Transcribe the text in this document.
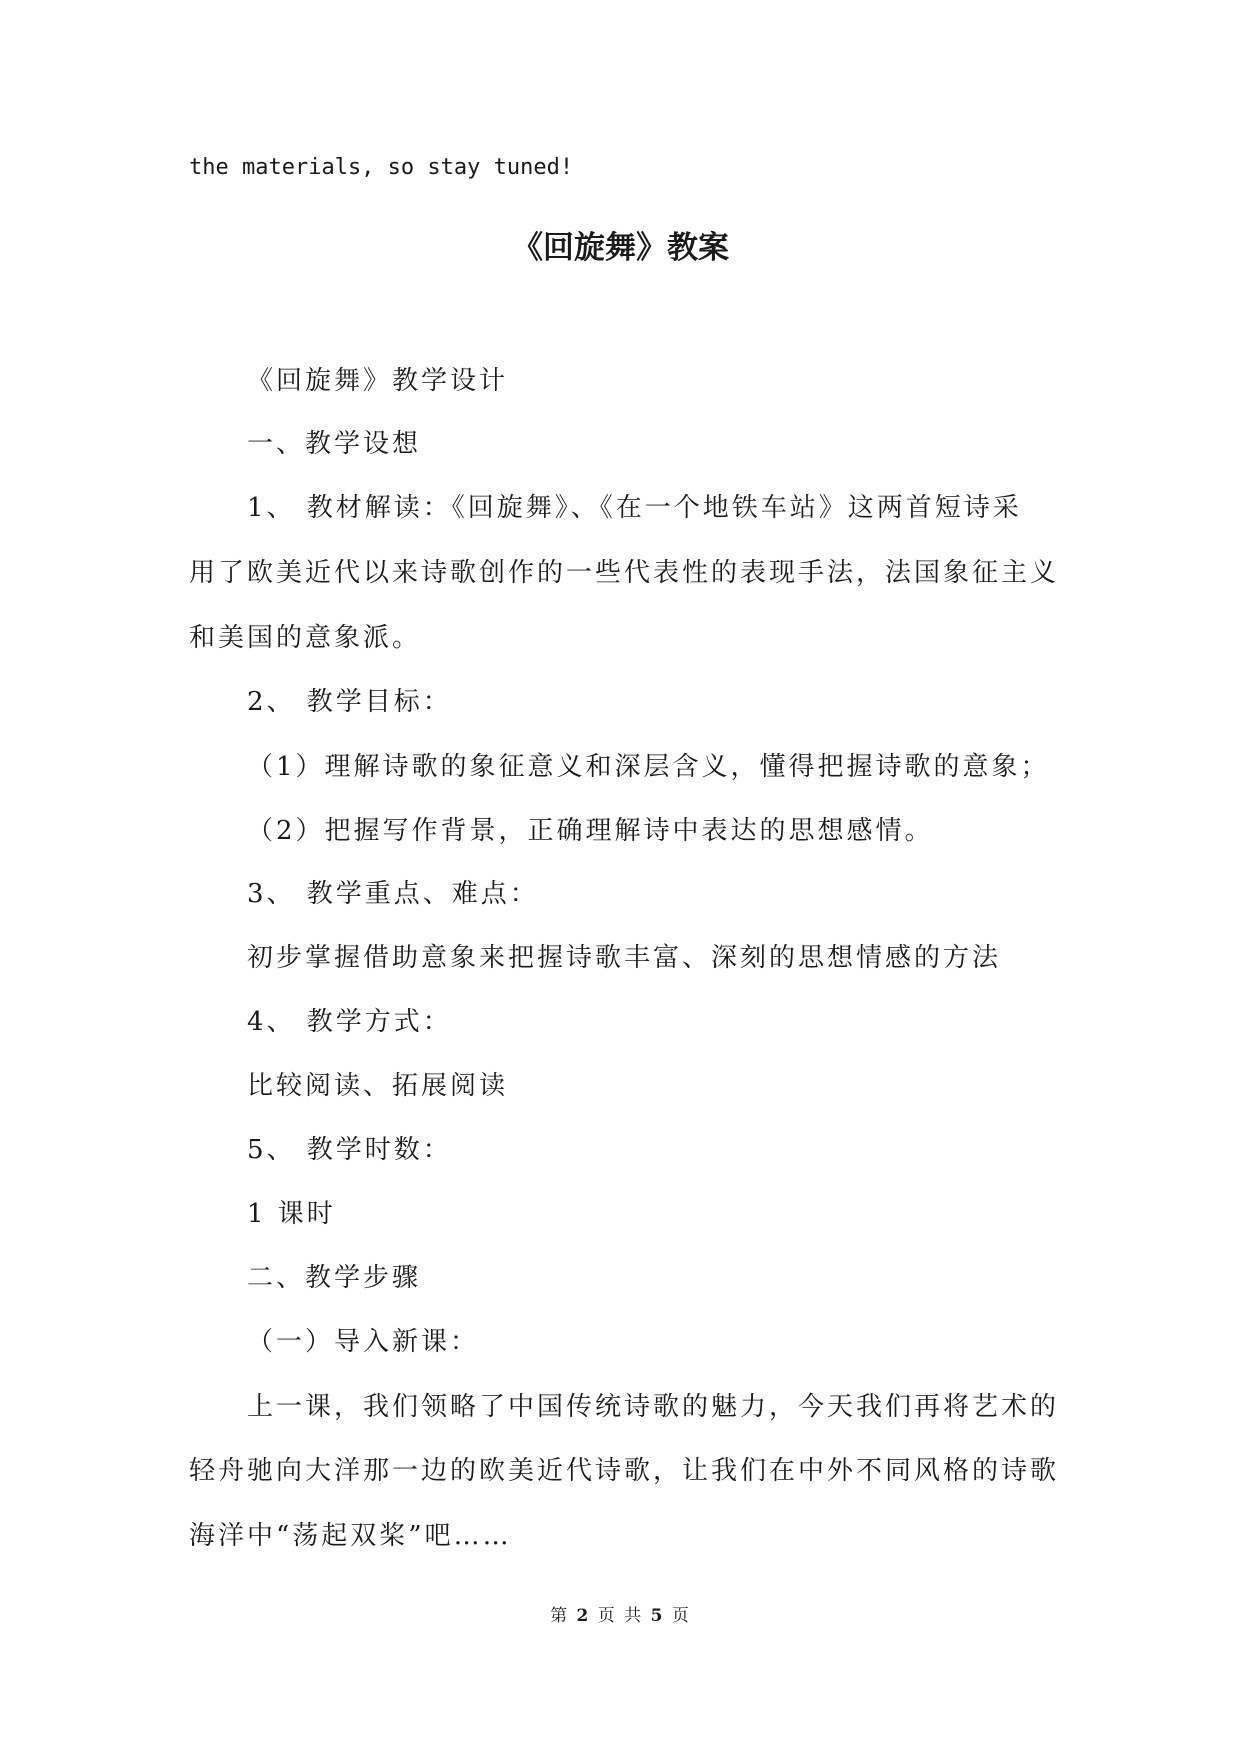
the materials, so stay tuned!
《回旋舞》教案
《回旋舞》教学设计
一、教学设想
1、 教材解读：《回旋舞》、《在一个地铁车站》这两首短诗采
用了欧美近代以来诗歌创作的一些代表性的表现手法，法国象征主义
和美国的意象派。
2、 教学目标：
（1）理解诗歌的象征意义和深层含义，懂得把握诗歌的意象；
（2）把握写作背景，正确理解诗中表达的思想感情。
3、 教学重点、难点：
初步掌握借助意象来把握诗歌丰富、深刻的思想情感的方法
4、 教学方式：
比较阅读、拓展阅读
5、 教学时数：
1 课时
二、教学步骤
（一）导入新课：
上一课，我们领略了中国传统诗歌的魅力，今天我们再将艺术的
轻舟驰向大洋那一边的欧美近代诗歌，让我们在中外不同风格的诗歌
海洋中“荡起双桨”吧……
第 2 页 共 5 页
